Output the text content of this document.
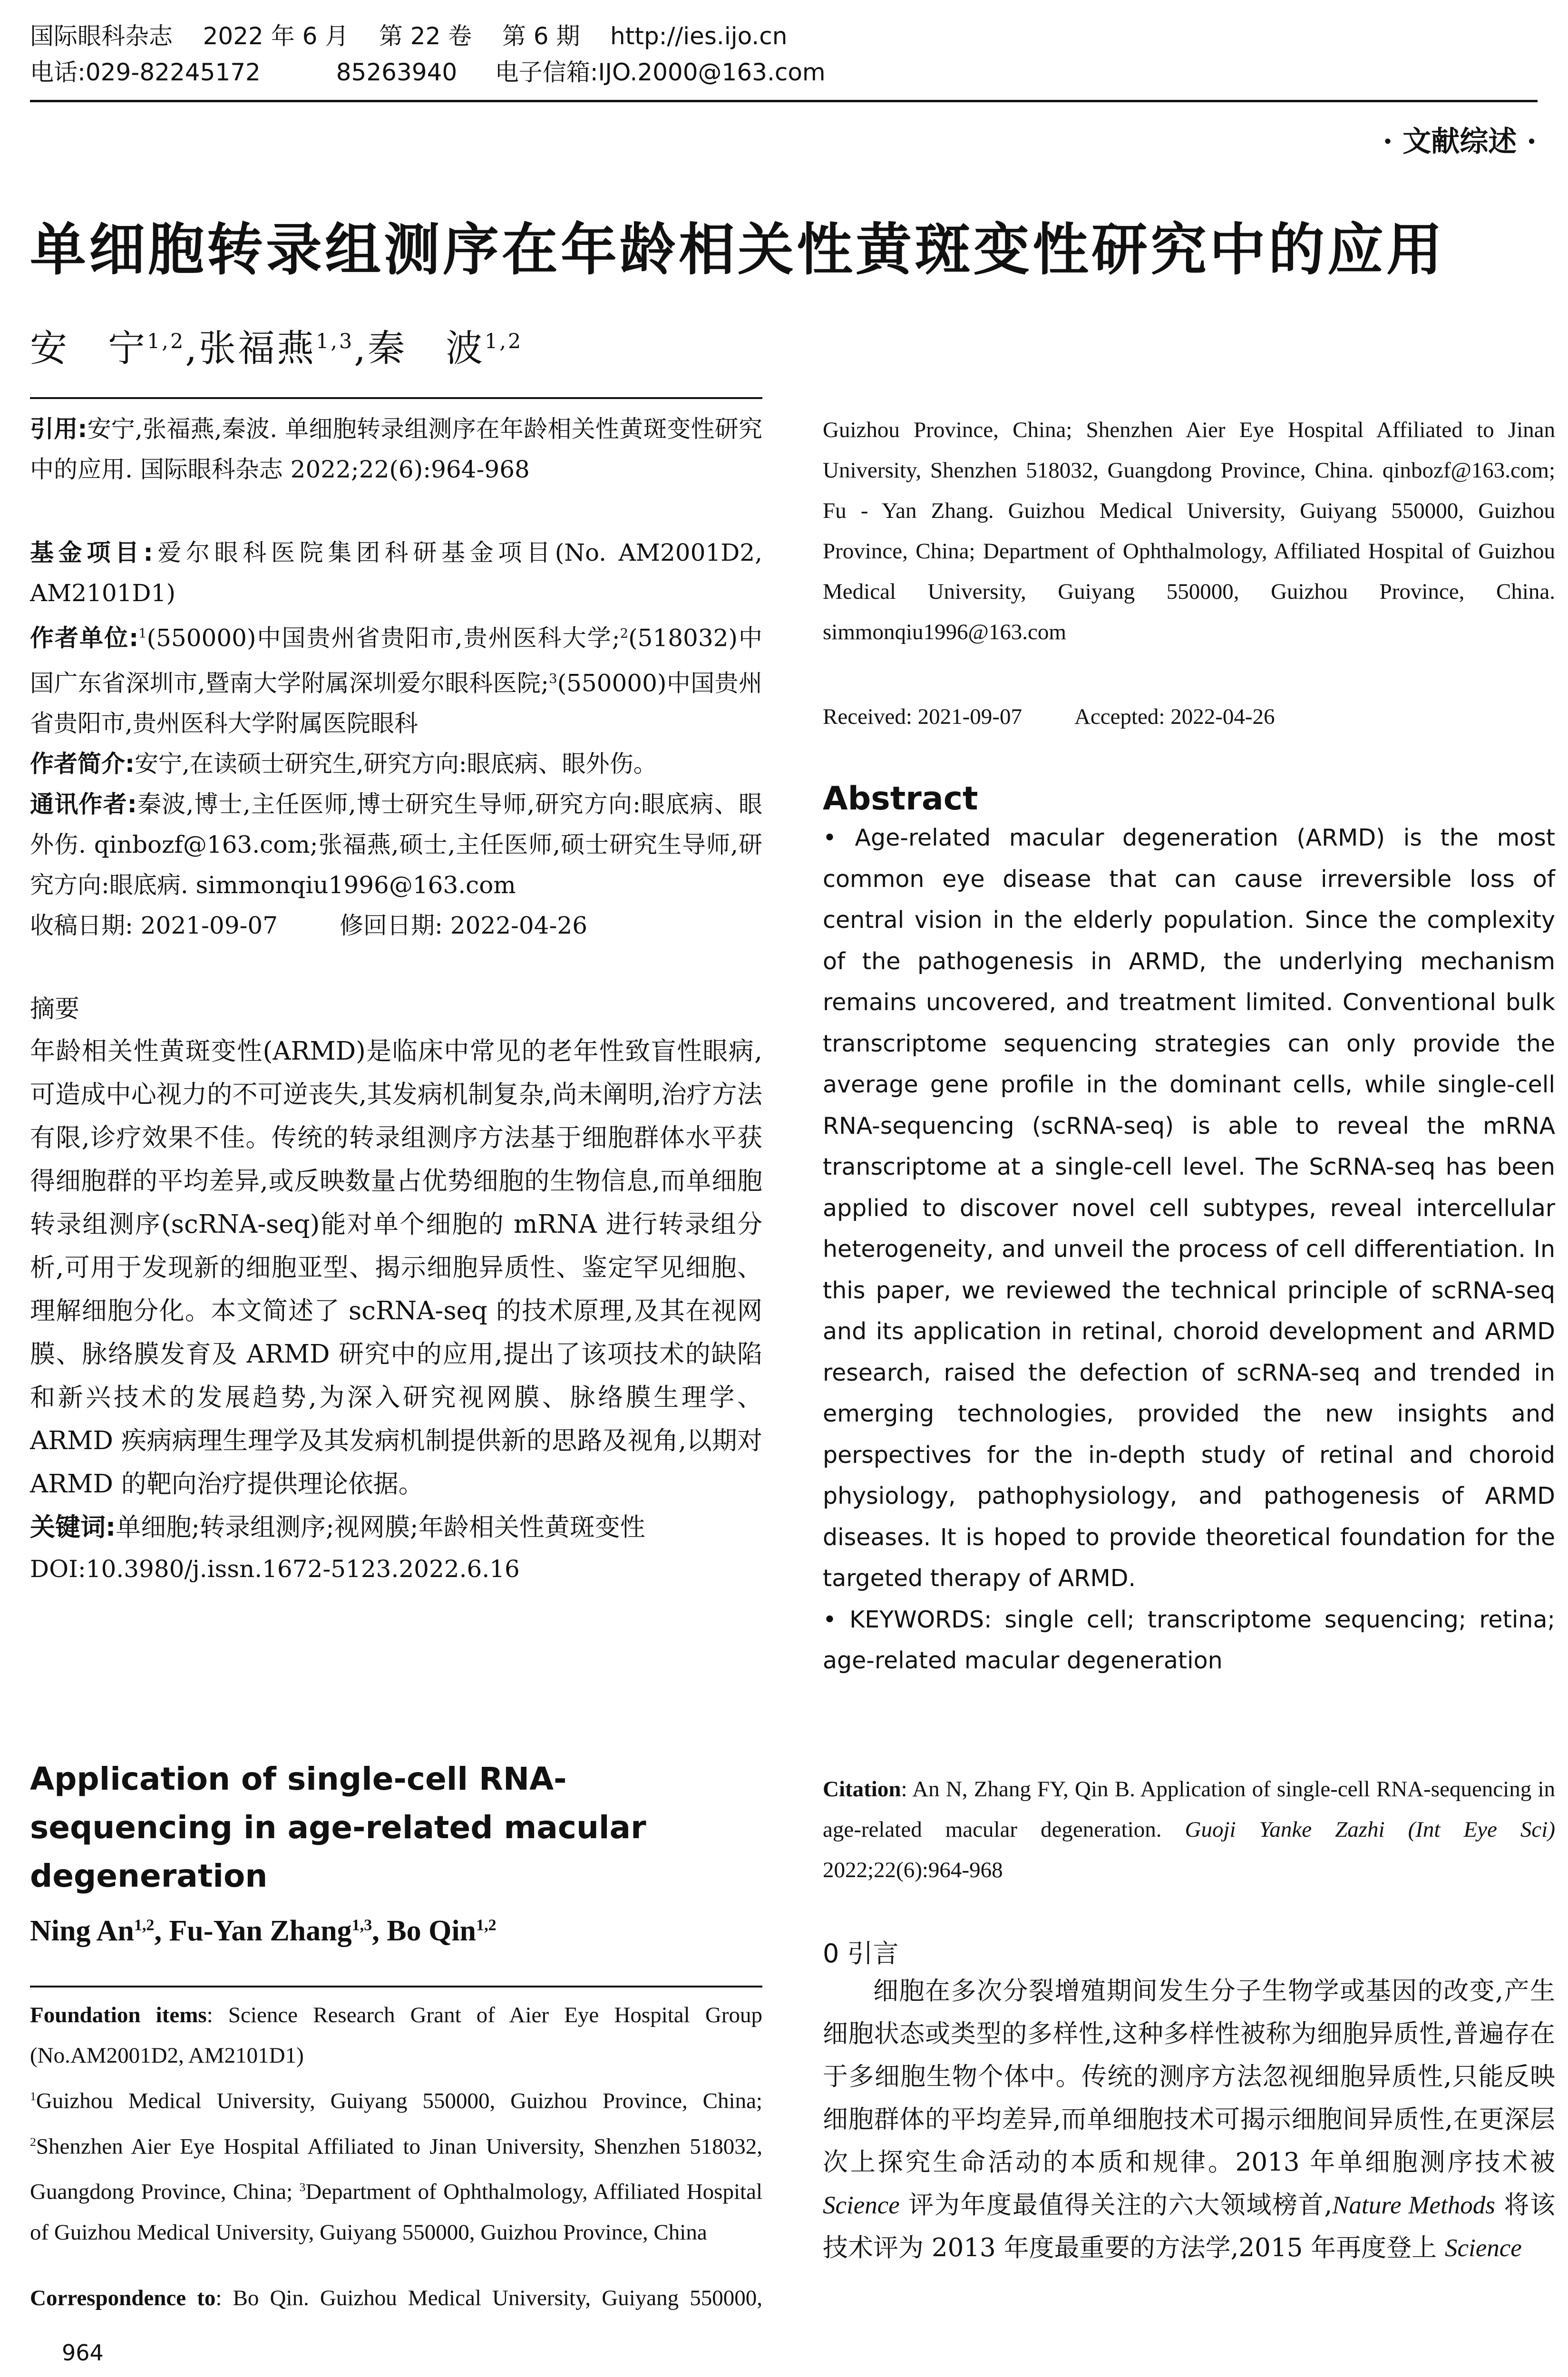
国际眼科杂志    2022 年 6 月    第 22 卷    第 6 期    http://ies.ijo.cn
电话:029-82245172          85263940     电子信箱:IJO.2000@163.com
· 文献综述 ·
单细胞转录组测序在年龄相关性黄斑变性研究中的应用
安　宁$^{1,2}$,张福燕$^{1,3}$,秦　波$^{1,2}$
引用:安宁,张福燕,秦波. 单细胞转录组测序在年龄相关性黄斑变性研究中的应用. 国际眼科杂志 2022;22(6):964-968
基金项目:爱尔眼科医院集团科研基金项目(No. AM2001D2, AM2101D1)
作者单位:$^1$(550000)中国贵州省贵阳市,贵州医科大学;$^2$(518032)中国广东省深圳市,暨南大学附属深圳爱尔眼科医院;$^3$(550000)中国贵州省贵阳市,贵州医科大学附属医院眼科
作者简介:安宁,在读硕士研究生,研究方向:眼底病、眼外伤。
通讯作者:秦波,博士,主任医师,博士研究生导师,研究方向:眼底病、眼外伤. qinbozf@163.com;张福燕,硕士,主任医师,硕士研究生导师,研究方向:眼底病. simmonqiu1996@163.com
收稿日期: 2021-09-07	修回日期: 2022-04-26
摘要
年龄相关性黄斑变性(ARMD)是临床中常见的老年性致盲性眼病,可造成中心视力的不可逆丧失,其发病机制复杂,尚未阐明,治疗方法有限,诊疗效果不佳。传统的转录组测序方法基于细胞群体水平获得细胞群的平均差异,或反映数量占优势细胞的生物信息,而单细胞转录组测序(scRNA-seq)能对单个细胞的 mRNA 进行转录组分析,可用于发现新的细胞亚型、揭示细胞异质性、鉴定罕见细胞、理解细胞分化。本文简述了 scRNA-seq 的技术原理,及其在视网膜、脉络膜发育及 ARMD 研究中的应用,提出了该项技术的缺陷和新兴技术的发展趋势,为深入研究视网膜、脉络膜生理学、ARMD 疾病病理生理学及其发病机制提供新的思路及视角,以期对 ARMD 的靶向治疗提供理论依据。
关键词:单细胞;转录组测序;视网膜;年龄相关性黄斑变性
DOI:10.3980/j.issn.1672-5123.2022.6.16
Application of single-cell RNA-sequencing in age-related macular degeneration
Ning An$^{1,2}$, Fu-Yan Zhang$^{1,3}$, Bo Qin$^{1,2}$
Foundation items: Science Research Grant of Aier Eye Hospital Group (No.AM2001D2, AM2101D1)
$^1$Guizhou Medical University, Guiyang 550000, Guizhou Province, China; $^2$Shenzhen Aier Eye Hospital Affiliated to Jinan University, Shenzhen 518032, Guangdong Province, China; $^3$Department of Ophthalmology, Affiliated Hospital of Guizhou Medical University, Guiyang 550000, Guizhou Province, China
Correspondence to: Bo Qin. Guizhou Medical University, Guiyang 550000,
Guizhou Province, China; Shenzhen Aier Eye Hospital Affiliated to Jinan University, Shenzhen 518032, Guangdong Province, China. qinbozf@163.com; Fu - Yan Zhang. Guizhou Medical University, Guiyang 550000, Guizhou Province, China; Department of Ophthalmology, Affiliated Hospital of Guizhou Medical University, Guiyang 550000, Guizhou Province, China. simmonqiu1996@163.com
Received: 2021-09-07 Accepted: 2022-04-26
Abstract
• Age-related macular degeneration (ARMD) is the most common eye disease that can cause irreversible loss of central vision in the elderly population. Since the complexity of the pathogenesis in ARMD, the underlying mechanism remains uncovered, and treatment limited. Conventional bulk transcriptome sequencing strategies can only provide the average gene profile in the dominant cells, while single-cell RNA-sequencing (scRNA-seq) is able to reveal the mRNA transcriptome at a single-cell level. The ScRNA-seq has been applied to discover novel cell subtypes, reveal intercellular heterogeneity, and unveil the process of cell differentiation. In this paper, we reviewed the technical principle of scRNA-seq and its application in retinal, choroid development and ARMD research, raised the defection of scRNA-seq and trended in emerging technologies, provided the new insights and perspectives for the in-depth study of retinal and choroid physiology, pathophysiology, and pathogenesis of ARMD diseases. It is hoped to provide theoretical foundation for the targeted therapy of ARMD.
• KEYWORDS: single cell; transcriptome sequencing; retina; age-related macular degeneration
Citation: An N, Zhang FY, Qin B. Application of single-cell RNA-sequencing in age-related macular degeneration. Guoji Yanke Zazhi (Int Eye Sci) 2022;22(6):964-968
0 引言
细胞在多次分裂增殖期间发生分子生物学或基因的改变,产生细胞状态或类型的多样性,这种多样性被称为细胞异质性,普遍存在于多细胞生物个体中。传统的测序方法忽视细胞异质性,只能反映细胞群体的平均差异,而单细胞技术可揭示细胞间异质性,在更深层次上探究生命活动的本质和规律。2013 年单细胞测序技术被 Science 评为年度最值得关注的六大领域榜首,Nature Methods 将该技术评为 2013 年度最重要的方法学,2015 年再度登上 Science
964
